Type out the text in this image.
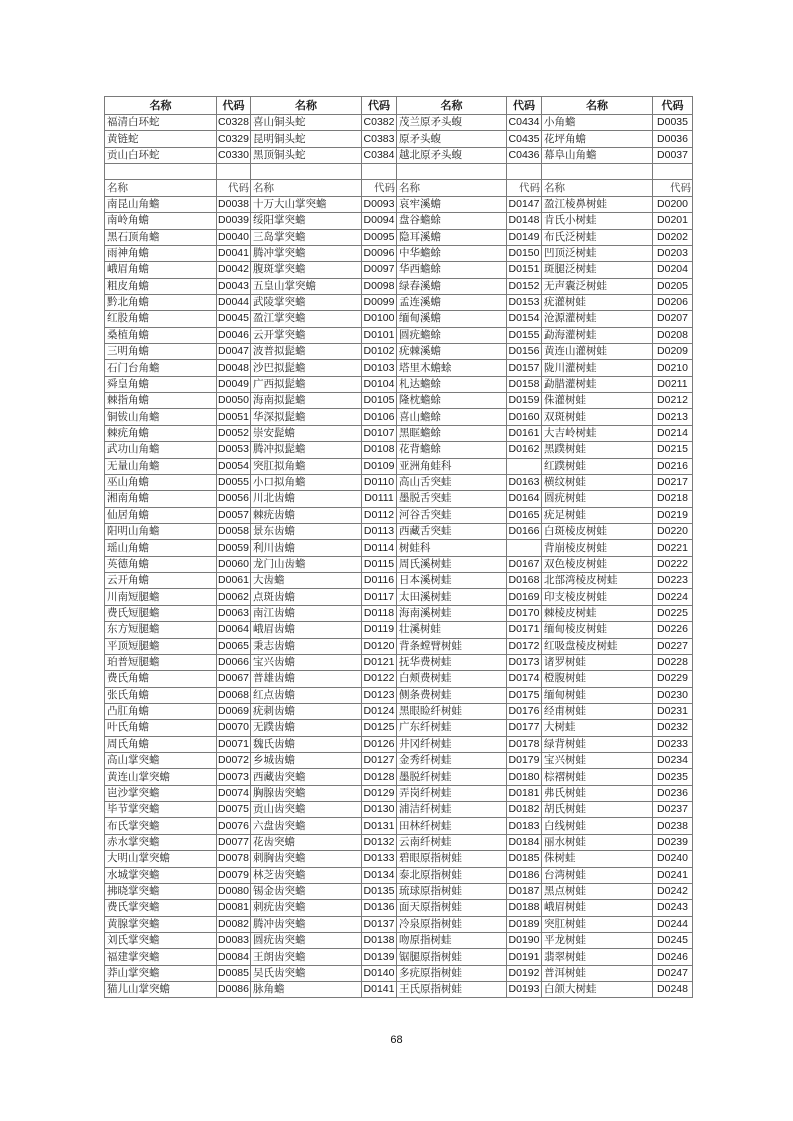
名称	代码	名称	代码	名称	代码	名称	代码
福清白环蛇	C0328	喜山铜头蛇	C0382	茂兰原矛头蝮	C0434	小角蟾	D0035
黄链蛇	C0329	昆明铜头蛇	C0383	原矛头蝮	C0435	花坪角蟾	D0036
贡山白环蛇	C0330	黑顶铜头蛇	C0384	越北原矛头蝮	C0436	幕阜山角蟾	D0037

名称	代码	名称	代码	名称	代码	名称	代码
南昆山角蟾	D0038	十万大山掌突蟾	D0093	哀牢溪蟾	D0147	盈江棱鼻树蛙	D0200
南岭角蟾	D0039	绥阳掌突蟾	D0094	盘谷蟾蜍	D0148	肯氏小树蛙	D0201
黑石顶角蟾	D0040	三岛掌突蟾	D0095	隐耳溪蟾	D0149	布氏泛树蛙	D0202
雨神角蟾	D0041	腾冲掌突蟾	D0096	中华蟾蜍	D0150	凹顶泛树蛙	D0203
峨眉角蟾	D0042	腹斑掌突蟾	D0097	华西蟾蜍	D0151	斑腿泛树蛙	D0204
粗皮角蟾	D0043	五皇山掌突蟾	D0098	绿春溪蟾	D0152	无声囊泛树蛙	D0205
黔北角蟾	D0044	武陵掌突蟾	D0099	孟连溪蟾	D0153	疣灌树蛙	D0206
红股角蟾	D0045	盈江掌突蟾	D0100	缅甸溪蟾	D0154	沧源灌树蛙	D0207
桑植角蟾	D0046	云开掌突蟾	D0101	圆疣蟾蜍	D0155	勐海灌树蛙	D0208
三明角蟾	D0047	波普拟髭蟾	D0102	疣棘溪蟾	D0156	黄连山灌树蛙	D0209
石门台角蟾	D0048	沙巴拟髭蟾	D0103	塔里木蟾蜍	D0157	陇川灌树蛙	D0210
舜皇角蟾	D0049	广西拟髭蟾	D0104	札达蟾蜍	D0158	勐腊灌树蛙	D0211
棘指角蟾	D0050	海南拟髭蟾	D0105	隆枕蟾蜍	D0159	侏灌树蛙	D0212
铜钹山角蟾	D0051	华深拟髭蟾	D0106	喜山蟾蜍	D0160	双斑树蛙	D0213
棘疣角蟾	D0052	崇安髭蟾	D0107	黑眶蟾蜍	D0161	大吉岭树蛙	D0214
武功山角蟾	D0053	腾冲拟髭蟾	D0108	花背蟾蜍	D0162	黑蹼树蛙	D0215
无量山角蟾	D0054	突肛拟角蟾	D0109	亚洲角蛙科		红蹼树蛙	D0216
巫山角蟾	D0055	小口拟角蟾	D0110	高山舌突蛙	D0163	横纹树蛙	D0217
湘南角蟾	D0056	川北齿蟾	D0111	墨脱舌突蛙	D0164	圆疣树蛙	D0218
仙居角蟾	D0057	棘疣齿蟾	D0112	河谷舌突蛙	D0165	疣足树蛙	D0219
阳明山角蟾	D0058	景东齿蟾	D0113	西藏舌突蛙	D0166	白斑棱皮树蛙	D0220
瑶山角蟾	D0059	利川齿蟾	D0114	树蛙科		背崩棱皮树蛙	D0221
英德角蟾	D0060	龙门山齿蟾	D0115	周氏溪树蛙	D0167	双色棱皮树蛙	D0222
云开角蟾	D0061	大齿蟾	D0116	日本溪树蛙	D0168	北部湾棱皮树蛙	D0223
川南短腿蟾	D0062	点斑齿蟾	D0117	太田溪树蛙	D0169	印支棱皮树蛙	D0224
费氏短腿蟾	D0063	南江齿蟾	D0118	海南溪树蛙	D0170	棘棱皮树蛙	D0225
东方短腿蟾	D0064	峨眉齿蟾	D0119	壮溪树蛙	D0171	缅甸棱皮树蛙	D0226
平顶短腿蟾	D0065	秉志齿蟾	D0120	背条螳臂树蛙	D0172	红吸盘棱皮树蛙	D0227
珀普短腿蟾	D0066	宝兴齿蟾	D0121	抚华费树蛙	D0173	诸罗树蛙	D0228
费氏角蟾	D0067	普雄齿蟾	D0122	白颊费树蛙	D0174	橙腹树蛙	D0229
张氏角蟾	D0068	红点齿蟾	D0123	侧条费树蛙	D0175	缅甸树蛙	D0230
凸肛角蟾	D0069	疣刺齿蟾	D0124	黑眼睑纤树蛙	D0176	经甫树蛙	D0231
叶氏角蟾	D0070	无蹼齿蟾	D0125	广东纤树蛙	D0177	大树蛙	D0232
周氏角蟾	D0071	魏氏齿蟾	D0126	井冈纤树蛙	D0178	绿背树蛙	D0233
高山掌突蟾	D0072	乡城齿蟾	D0127	金秀纤树蛙	D0179	宝兴树蛙	D0234
黄连山掌突蟾	D0073	西藏齿突蟾	D0128	墨脱纤树蛙	D0180	棕褶树蛙	D0235
岜沙掌突蟾	D0074	胸腺齿突蟾	D0129	弄岗纤树蛙	D0181	弗氏树蛙	D0236
毕节掌突蟾	D0075	贡山齿突蟾	D0130	浦洁纤树蛙	D0182	胡氏树蛙	D0237
布氏掌突蟾	D0076	六盘齿突蟾	D0131	田林纤树蛙	D0183	白线树蛙	D0238
赤水掌突蟾	D0077	花齿突蟾	D0132	云南纤树蛙	D0184	丽水树蛙	D0239
大明山掌突蟾	D0078	刺胸齿突蟾	D0133	碧眼原指树蛙	D0185	侏树蛙	D0240
水城掌突蟾	D0079	林芝齿突蟾	D0134	泰北原指树蛙	D0186	台湾树蛙	D0241
拂晓掌突蟾	D0080	锡金齿突蟾	D0135	琉球原指树蛙	D0187	黑点树蛙	D0242
费氏掌突蟾	D0081	刺疣齿突蟾	D0136	面天原指树蛙	D0188	峨眉树蛙	D0243
黄腺掌突蟾	D0082	腾冲齿突蟾	D0137	冷泉原指树蛙	D0189	突肛树蛙	D0244
刘氏掌突蟾	D0083	圆疣齿突蟾	D0138	吻原指树蛙	D0190	平龙树蛙	D0245
福建掌突蟾	D0084	王朗齿突蟾	D0139	锯腿原指树蛙	D0191	翡翠树蛙	D0246
莽山掌突蟾	D0085	吴氏齿突蟾	D0140	多疣原指树蛙	D0192	普洱树蛙	D0247
猫儿山掌突蟾	D0086	脉角蟾	D0141	王氏原指树蛙	D0193	白颌大树蛙	D0248
68
